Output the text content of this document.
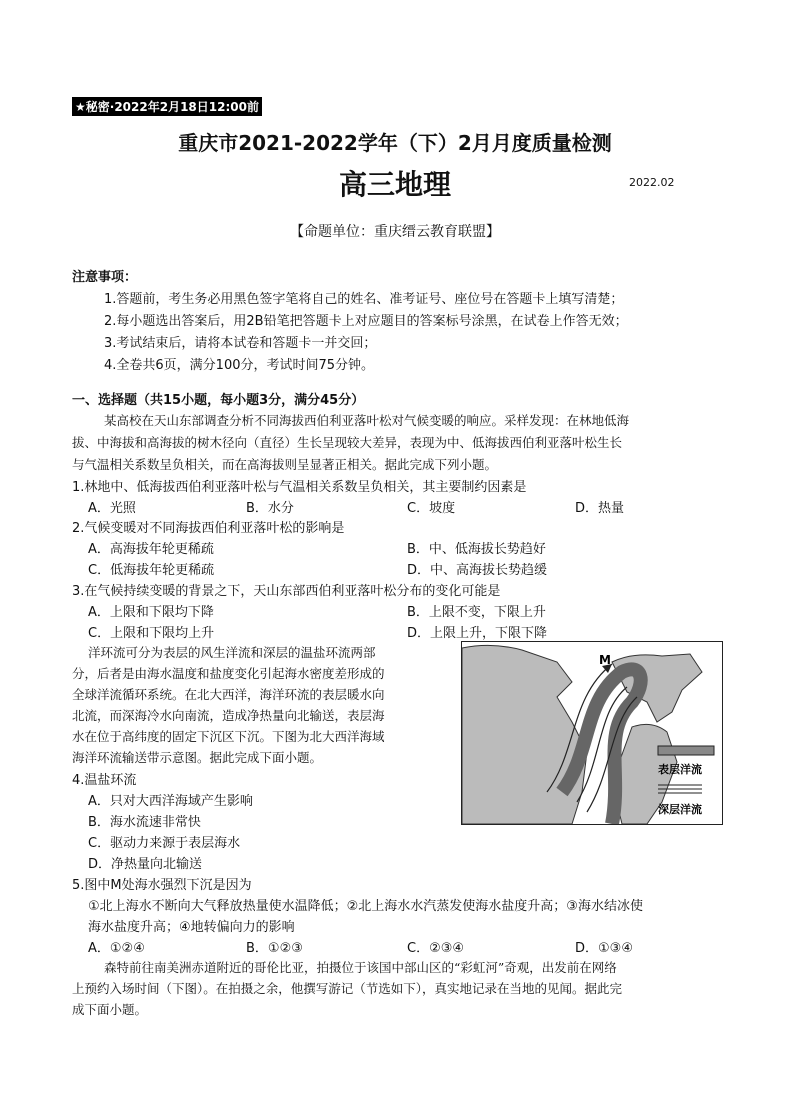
★秘密·2022年2月18日12:00前
重庆市2021-2022学年（下）2月月度质量检测
高三地理	2022.02
【命题单位：重庆缙云教育联盟】
注意事项：
1.答题前，考生务必用黑色签字笔将自己的姓名、准考证号、座位号在答题卡上填写清楚；
2.每小题选出答案后，用2B铅笔把答题卡上对应题目的答案标号涂黑，在试卷上作答无效；
3.考试结束后，请将本试卷和答题卡一并交回；
4.全卷共6页，满分100分，考试时间75分钟。
一、选择题（共15小题，每小题3分，满分45分）
某高校在天山东部调查分析不同海拔西伯利亚落叶松对气候变暖的响应。采样发现：在林地低海
拔、中海拔和高海拔的树木径向（直径）生长呈现较大差异，表现为中、低海拔西伯利亚落叶松生长
与气温相关系数呈负相关，而在高海拔则呈显著正相关。据此完成下列小题。
1.林地中、低海拔西伯利亚落叶松与气温相关系数呈负相关，其主要制约因素是
A．光照	B．水分	C．坡度	D．热量
2.气候变暖对不同海拔西伯利亚落叶松的影响是
A．高海拔年轮更稀疏	B．中、低海拔长势趋好
C．低海拔年轮更稀疏	D．中、高海拔长势趋缓
3.在气候持续变暖的背景之下，天山东部西伯利亚落叶松分布的变化可能是
A．上限和下限均下降	B．上限不变，下限上升
C．上限和下限均上升	D．上限上升，下限下降
洋环流可分为表层的风生洋流和深层的温盐环流两部
分，后者是由海水温度和盐度变化引起海水密度差形成的
全球洋流循环系统。在北大西洋，海洋环流的表层暖水向
北流，而深海冷水向南流，造成净热量向北输送，表层海
水在位于高纬度的固定下沉区下沉。下图为北大西洋海域
海洋环流输送带示意图。据此完成下面小题。
M
表层洋流
深层洋流
4.温盐环流
A．只对大西洋海域产生影响
B．海水流速非常快
C．驱动力来源于表层海水
D．净热量向北输送
5.图中M处海水强烈下沉是因为
①北上海水不断向大气释放热量使水温降低；②北上海水水汽蒸发使海水盐度升高；③海水结冰使
海水盐度升高；④地转偏向力的影响
A．①②④	B．①②③	C．②③④	D．①③④
森特前往南美洲赤道附近的哥伦比亚，拍摄位于该国中部山区的“彩虹河”奇观，出发前在网络
上预约入场时间（下图）。在拍摄之余，他撰写游记（节选如下），真实地记录在当地的见闻。据此完
成下面小题。
